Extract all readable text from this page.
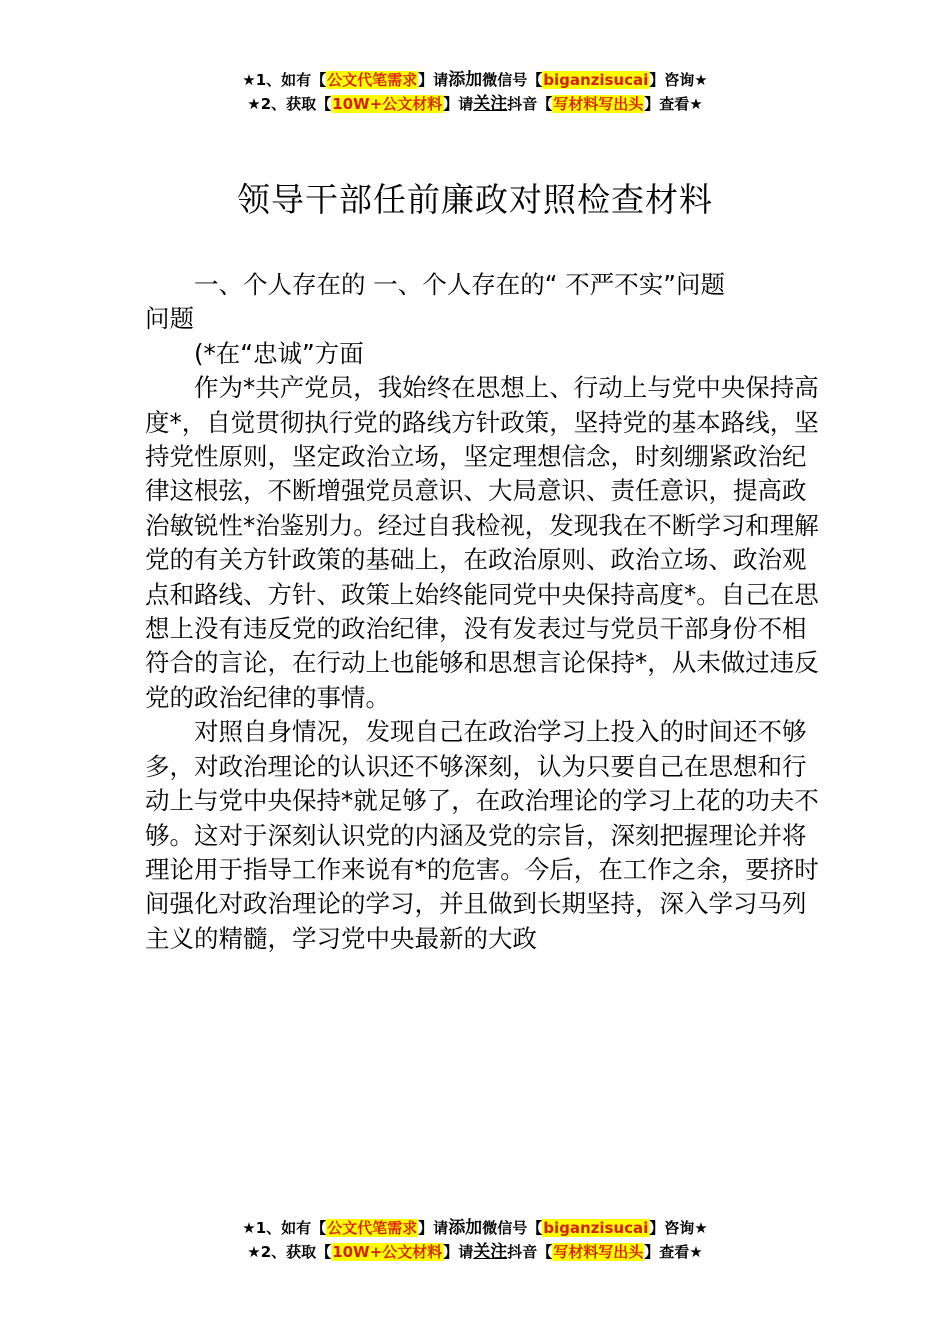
★1、如有【公文代笔需求】请添加微信号【biganzisucai】咨询★
★2、获取【10W+公文材料】请关注抖音【写材料写出头】查看★
领导干部任前廉政对照检查材料

一、个人存在的 一、个人存在的“ 不严不实”问题

问题

(*在“忠诚”方面

作为*共产党员，我始终在思想上、行动上与党中央保持高度*，自觉贯彻执行党的路线方针政策，坚持党的基本路线，坚持党性原则，坚定政治立场，坚定理想信念，时刻绷紧政治纪律这根弦，不断增强党员意识、大局意识、责任意识，提高政治敏锐性*治鉴别力。经过自我检视，发现我在不断学习和理解党的有关方针政策的基础上，在政治原则、政治立场、政治观点和路线、方针、政策上始终能同党中央保持高度*。自己在思想上没有违反党的政治纪律，没有发表过与党员干部身份不相符合的言论，在行动上也能够和思想言论保持*，从未做过违反党的政治纪律的事情。

对照自身情况，发现自己在政治学习上投入的时间还不够多，对政治理论的认识还不够深刻，认为只要自己在思想和行动上与党中央保持*就足够了，在政治理论的学习上花的功夫不够。这对于深刻认识党的内涵及党的宗旨，深刻把握理论并将理论用于指导工作来说有*的危害。今后，在工作之余，要挤时间强化对政治理论的学习，并且做到长期坚持，深入学习马列主义的精髓，学习党中央最新的大政

★1、如有【公文代笔需求】请添加微信号【biganzisucai】咨询★
★2、获取【10W+公文材料】请关注抖音【写材料写出头】查看★
